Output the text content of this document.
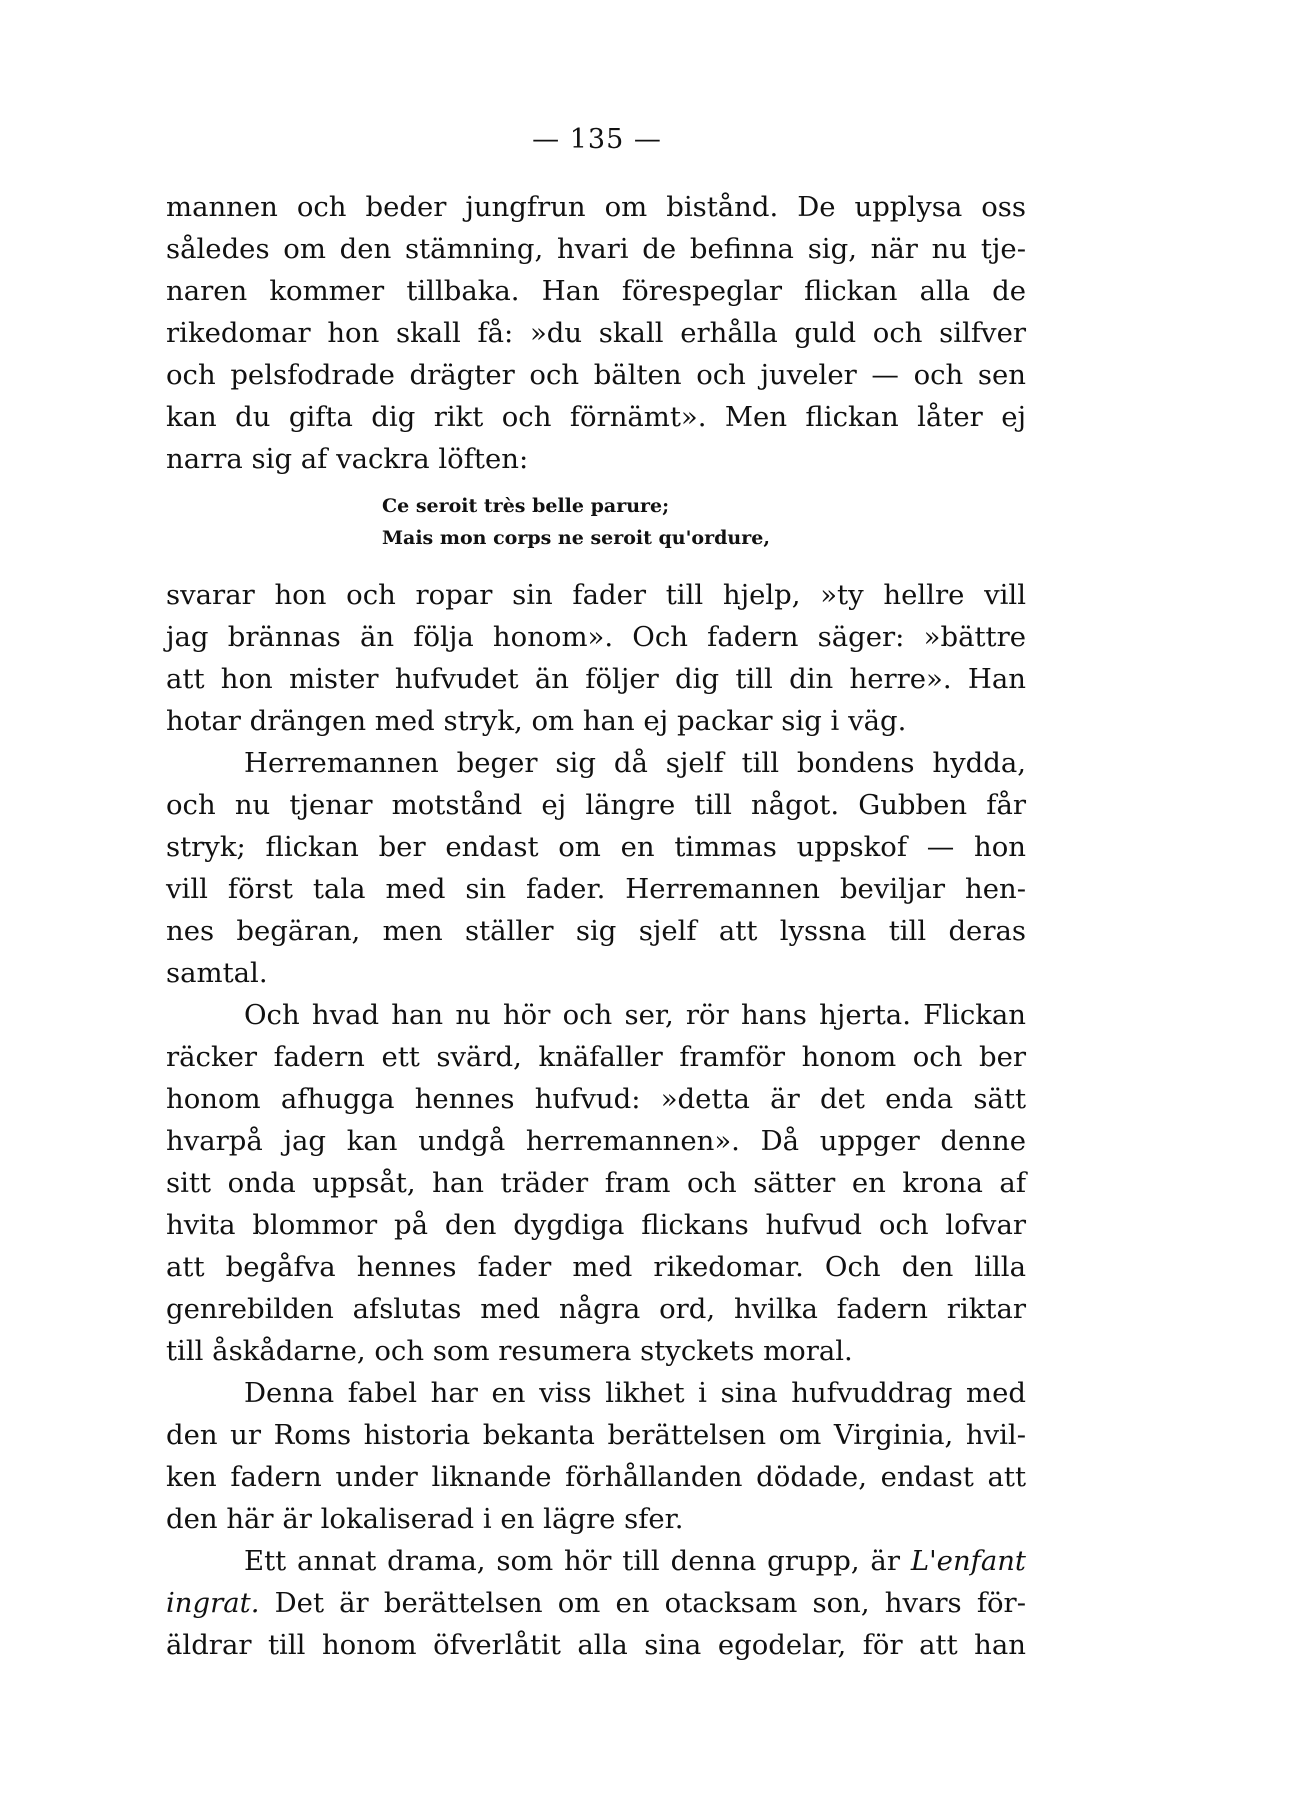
— 135 —
mannen och beder jungfrun om bistånd. De upplysa oss
således om den stämning, hvari de befinna sig, när nu tje-
naren kommer tillbaka. Han förespeglar flickan alla de
rikedomar hon skall få: »du skall erhålla guld och silfver
och pelsfodrade drägter och bälten och juveler — och sen
kan du gifta dig rikt och förnämt». Men flickan låter ej
narra sig af vackra löften:
Ce seroit très belle parure;
Mais mon corps ne seroit qu'ordure,
svarar hon och ropar sin fader till hjelp, »ty hellre vill
jag brännas än följa honom». Och fadern säger: »bättre
att hon mister hufvudet än följer dig till din herre». Han
hotar drängen med stryk, om han ej packar sig i väg.
Herremannen beger sig då sjelf till bondens hydda,
och nu tjenar motstånd ej längre till något. Gubben får
stryk; flickan ber endast om en timmas uppskof — hon
vill först tala med sin fader. Herremannen beviljar hen-
nes begäran, men ställer sig sjelf att lyssna till deras
samtal.
Och hvad han nu hör och ser, rör hans hjerta. Flickan
räcker fadern ett svärd, knäfaller framför honom och ber
honom afhugga hennes hufvud: »detta är det enda sätt
hvarpå jag kan undgå herremannen». Då uppger denne
sitt onda uppsåt, han träder fram och sätter en krona af
hvita blommor på den dygdiga flickans hufvud och lofvar
att begåfva hennes fader med rikedomar. Och den lilla
genrebilden afslutas med några ord, hvilka fadern riktar
till åskådarne, och som resumera styckets moral.
Denna fabel har en viss likhet i sina hufvuddrag med
den ur Roms historia bekanta berättelsen om Virginia, hvil-
ken fadern under liknande förhållanden dödade, endast att
den här är lokaliserad i en lägre sfer.
Ett annat drama, som hör till denna grupp, är L'enfant
ingrat. Det är berättelsen om en otacksam son, hvars för-
äldrar till honom öfverlåtit alla sina egodelar, för att han
